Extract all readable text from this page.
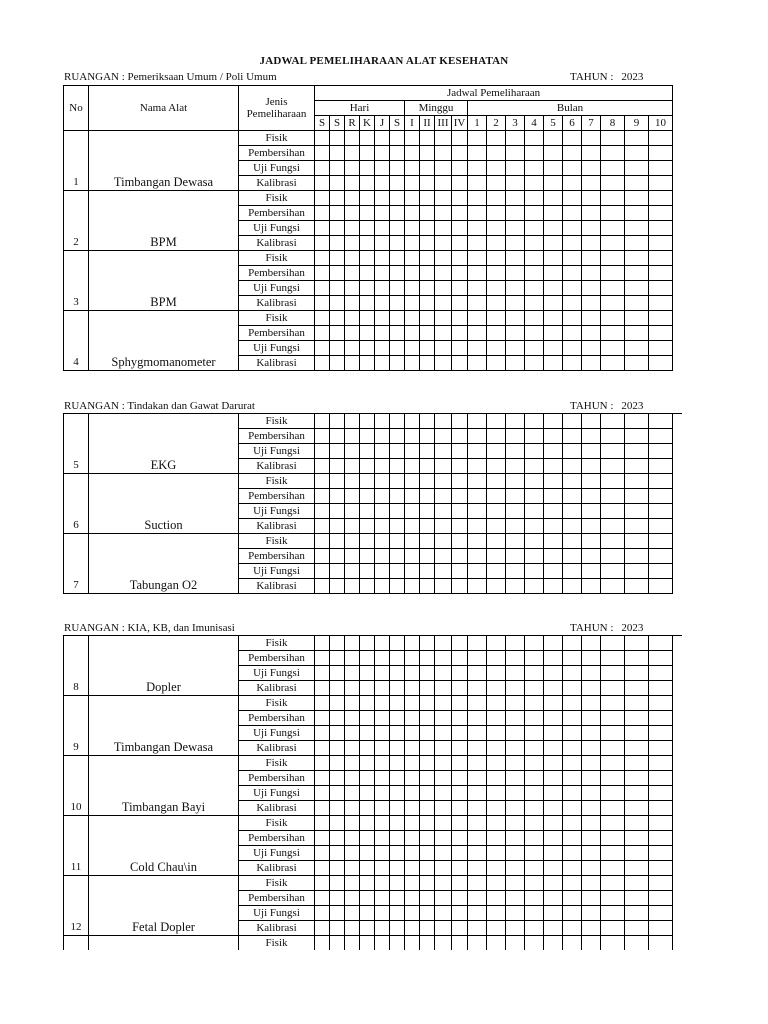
JADWAL PEMELIHARAAN ALAT KESEHATAN
RUANGAN : Pemeriksaan Umum / Poli Umum	TAHUN : 2023
No	Nama Alat	Jenis
Pemeliharaan	Jadwal Pemeliharaan																			
			Hari						Minggu				Bulan									
			S	S	R	K	J	S	I	II	III	IV	1	2	3	4	5	6	7	8	9	10
1	Timbangan Dewasa	Fisik																				
		Pembersihan																				
		Uji Fungsi																				
		Kalibrasi																				
2	BPM	Fisik																				
		Pembersihan																				
		Uji Fungsi																				
		Kalibrasi																				
3	BPM	Fisik																				
		Pembersihan																				
		Uji Fungsi																				
		Kalibrasi																				
4	Sphygmomanometer	Fisik																				
		Pembersihan																				
		Uji Fungsi																				
		Kalibrasi																				
RUANGAN : Tindakan dan Gawat Darurat	TAHUN : 2023
5	EKG	Fisik																				
		Pembersihan																				
		Uji Fungsi																				
		Kalibrasi																				
6	Suction	Fisik																				
		Pembersihan																				
		Uji Fungsi																				
		Kalibrasi																				
7	Tabungan O2	Fisik																				
		Pembersihan																				
		Uji Fungsi																				
		Kalibrasi																				
RUANGAN : KIA, KB, dan Imunisasi	TAHUN : 2023
8	Dopler	Fisik																				
		Pembersihan																				
		Uji Fungsi																				
		Kalibrasi																				
9	Timbangan Dewasa	Fisik																				
		Pembersihan																				
		Uji Fungsi																				
		Kalibrasi																				
10	Timbangan Bayi	Fisik																				
		Pembersihan																				
		Uji Fungsi																				
		Kalibrasi																				
11	Cold Chau\in	Fisik																				
		Pembersihan																				
		Uji Fungsi																				
		Kalibrasi																				
12	Fetal Dopler	Fisik																				
		Pembersihan																				
		Uji Fungsi																				
		Kalibrasi																				
		Fisik																				
